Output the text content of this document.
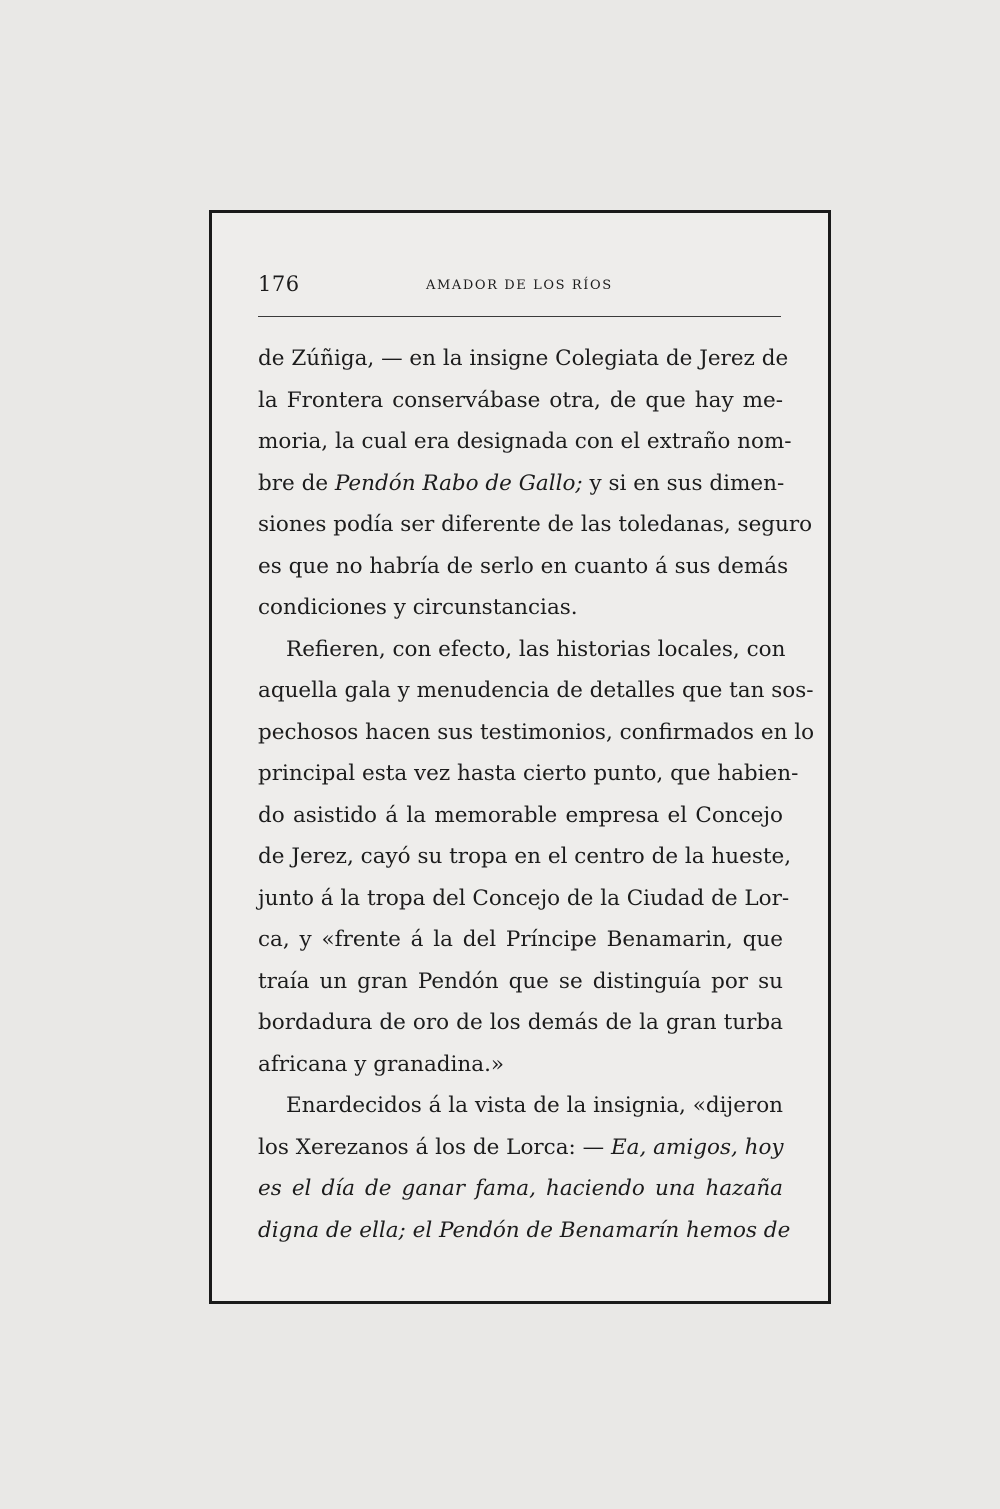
176	AMADOR DE LOS RÍOS
de Zúñiga, — en la insigne Colegiata de Jerez de
la Frontera conservábase otra, de que hay me-
moria, la cual era designada con el extraño nom-
bre de Pendón Rabo de Gallo; y si en sus dimen-
siones podía ser diferente de las toledanas, seguro
es que no habría de serlo en cuanto á sus demás
condiciones y circunstancias.
Refieren, con efecto, las historias locales, con
aquella gala y menudencia de detalles que tan sos-
pechosos hacen sus testimonios, confirmados en lo
principal esta vez hasta cierto punto, que habien-
do asistido á la memorable empresa el Concejo
de Jerez, cayó su tropa en el centro de la hueste,
junto á la tropa del Concejo de la Ciudad de Lor-
ca, y «frente á la del Príncipe Benamarin, que
traía un gran Pendón que se distinguía por su
bordadura de oro de los demás de la gran turba
africana y granadina.»
Enardecidos á la vista de la insignia, «dijeron
los Xerezanos á los de Lorca: — Ea, amigos, hoy
es el día de ganar fama, haciendo una hazaña
digna de ella; el Pendón de Benamarín hemos de
